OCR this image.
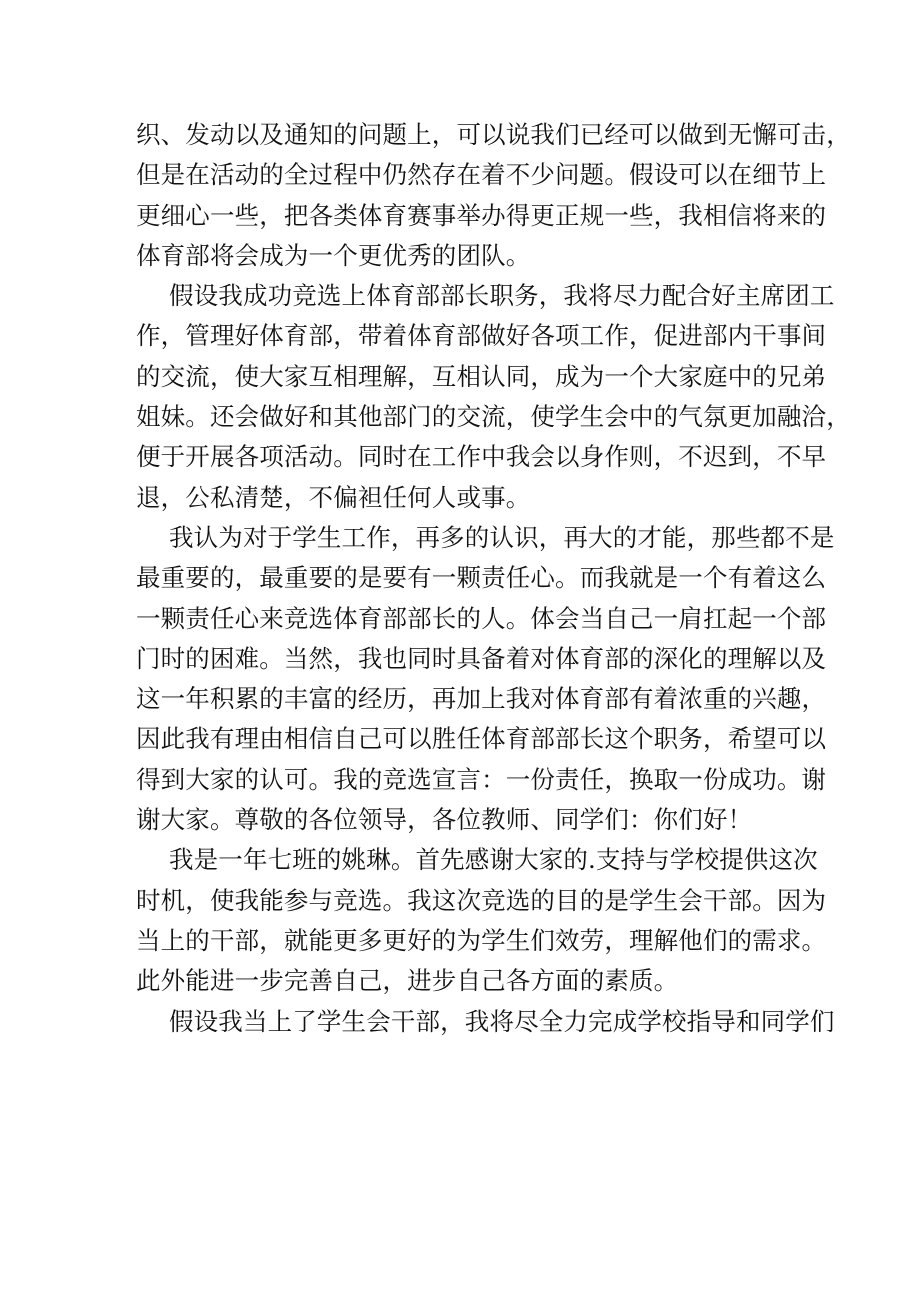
织、发动以及通知的问题上，可以说我们已经可以做到无懈可击，
但是在活动的全过程中仍然存在着不少问题。假设可以在细节上
更细心一些，把各类体育赛事举办得更正规一些，我相信将来的
体育部将会成为一个更优秀的团队。
假设我成功竞选上体育部部长职务，我将尽力配合好主席团工
作，管理好体育部，带着体育部做好各项工作，促进部内干事间
的交流，使大家互相理解，互相认同，成为一个大家庭中的兄弟
姐妹。还会做好和其他部门的交流，使学生会中的气氛更加融洽，
便于开展各项活动。同时在工作中我会以身作则，不迟到，不早
退，公私清楚，不偏袒任何人或事。
我认为对于学生工作，再多的认识，再大的才能，那些都不是
最重要的，最重要的是要有一颗责任心。而我就是一个有着这么
一颗责任心来竞选体育部部长的人。体会当自己一肩扛起一个部
门时的困难。当然，我也同时具备着对体育部的深化的理解以及
这一年积累的丰富的经历，再加上我对体育部有着浓重的兴趣，
因此我有理由相信自己可以胜任体育部部长这个职务，希望可以
得到大家的认可。我的竞选宣言：一份责任，换取一份成功。谢
谢大家。尊敬的各位领导，各位教师、同学们：你们好！
我是一年七班的姚琳。首先感谢大家的.支持与学校提供这次
时机，使我能参与竞选。我这次竞选的目的是学生会干部。因为
当上的干部，就能更多更好的为学生们效劳，理解他们的需求。
此外能进一步完善自己，进步自己各方面的素质。
假设我当上了学生会干部，我将尽全力完成学校指导和同学们
